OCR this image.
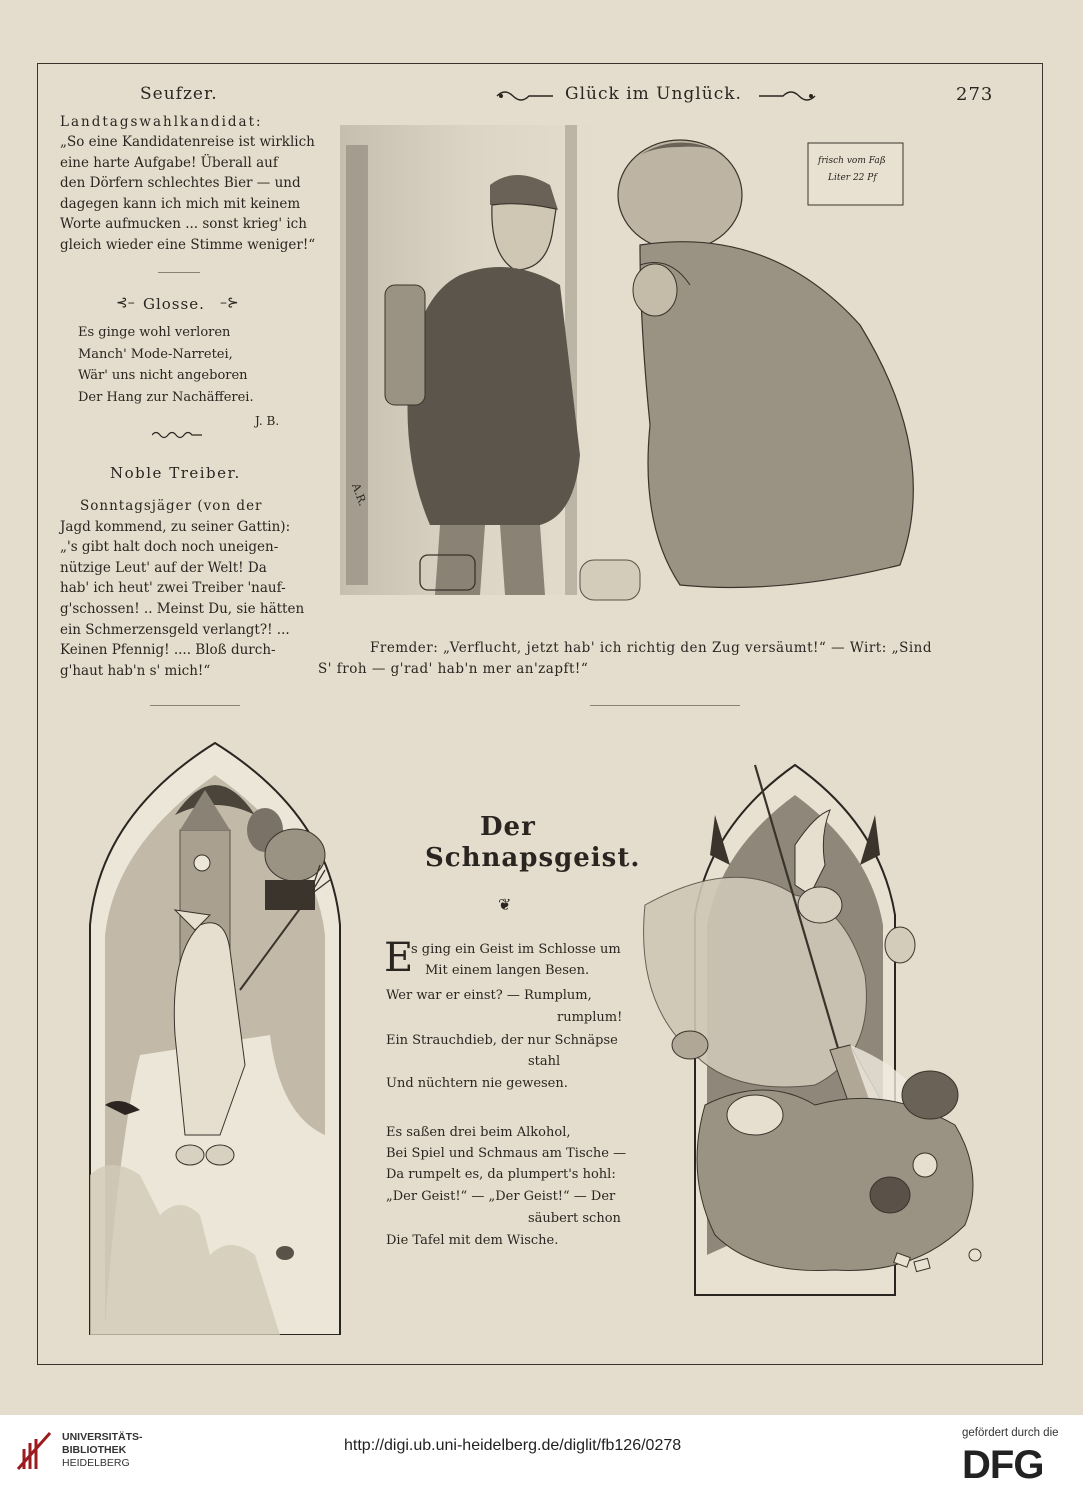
Seufzer.	Glück im Unglück.	273
Landtagswahlkandidat:
„So eine Kandidatenreise ist wirklich
eine harte Aufgabe! Überall auf
den Dörfern schlechtes Bier — und
dagegen kann ich mich mit keinem
Worte aufmucken ... sonst krieg' ich
gleich wieder eine Stimme weniger!“
Glosse.
⊰–	–⊱
Es ginge wohl verloren
Manch' Mode-Narretei,
Wär' uns nicht angeboren
Der Hang zur Nachäfferei.
J. B.
Noble Treiber.
Sonntagsjäger (von der
Jagd kommend, zu seiner Gattin):
„'s gibt halt doch noch uneigen-
nützige Leut' auf der Welt! Da
hab' ich heut' zwei Treiber 'nauf-
g'schossen! .. Meinst Du, sie hätten
ein Schmerzensgeld verlangt?! ...
Keinen Pfennig! .... Bloß durch-
g'haut hab'n s' mich!“
frisch vom Faß
Liter 22 Pf
A.R.
Fremder: „Verflucht, jetzt hab' ich richtig den Zug versäumt!“ — Wirt: „Sind
S' froh — g'rad' hab'n mer an'zapft!“
Der
Schnapsgeist.
❦
E
s ging ein Geist im Schlosse um
Mit einem langen Besen.
Wer war er einst? — Rumplum,
rumplum!
Ein Strauchdieb, der nur Schnäpse
stahl
Und nüchtern nie gewesen.
Es saßen drei beim Alkohol,
Bei Spiel und Schmaus am Tische —
Da rumpelt es, da plumpert's hohl:
„Der Geist!“ — „Der Geist!“ — Der
säubert schon
Die Tafel mit dem Wische.
UNIVERSITÄTS-
BIBLIOTHEK
HEIDELBERG
http://digi.ub.uni-heidelberg.de/diglit/fb126/0278
gefördert durch die
DFG
